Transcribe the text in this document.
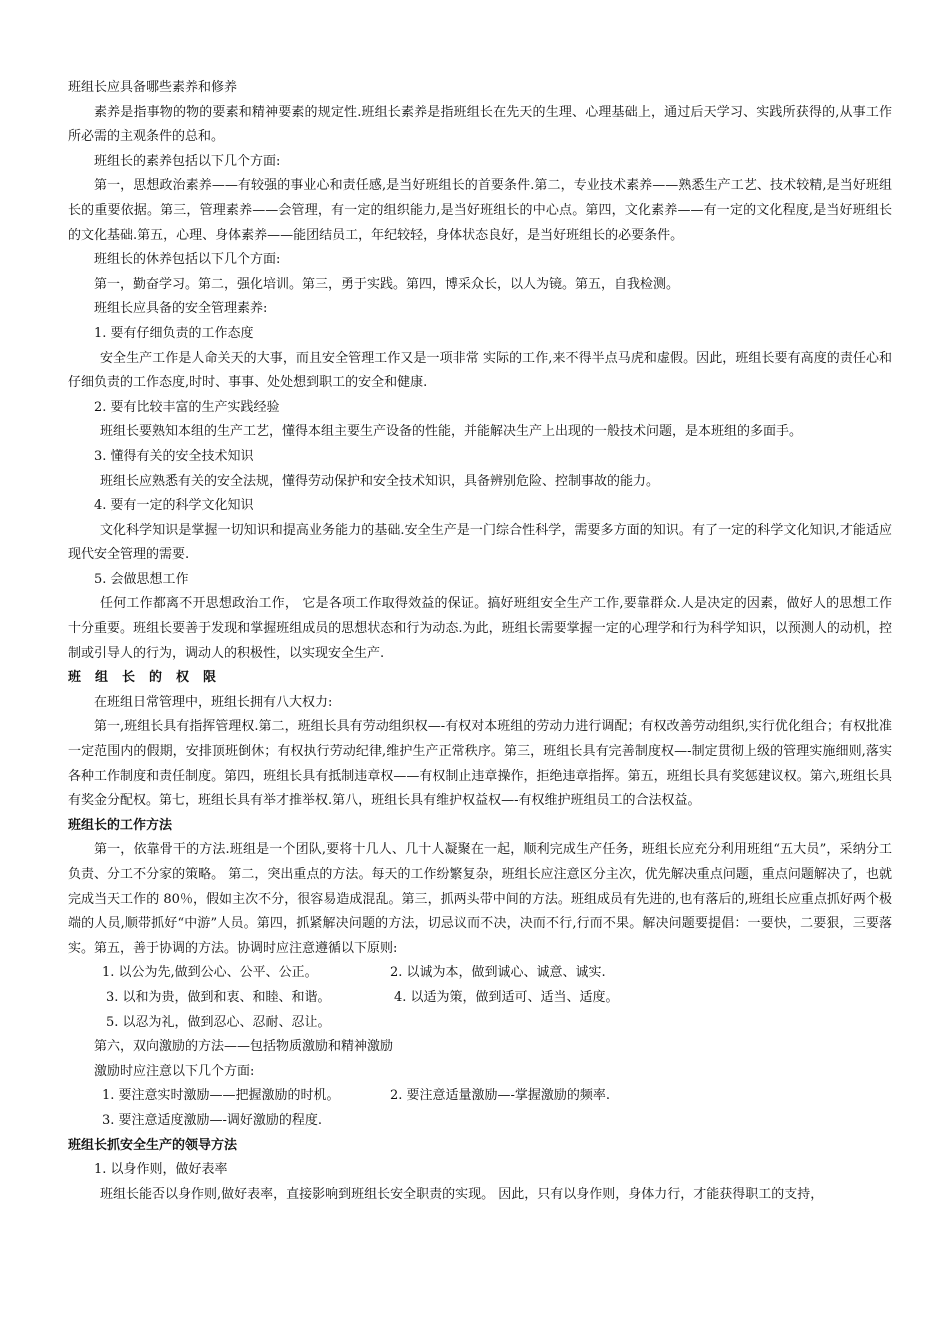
班组长应具备哪些素养和修养

素养是指事物的物的要素和精神要素的规定性.班组长素养是指班组长在先天的生理、心理基础上，通过后天学习、实践所获得的,从事工作所必需的主观条件的总和。

班组长的素养包括以下几个方面:

第一，思想政治素养——有较强的事业心和责任感,是当好班组长的首要条件.第二，专业技术素养——熟悉生产工艺、技术较精,是当好班组长的重要依据。第三，管理素养——会管理，有一定的组织能力,是当好班组长的中心点。第四，文化素养——有一定的文化程度,是当好班组长的文化基础.第五，心理、身体素养——能团结员工，年纪较轻，身体状态良好，是当好班组长的必要条件。

班组长的休养包括以下几个方面:

第一，勤奋学习。第二，强化培训。第三，勇于实践。第四，博采众长，以人为镜。第五，自我检测。

班组长应具备的安全管理素养:

1. 要有仔细负责的工作态度

安全生产工作是人命关天的大事，而且安全管理工作又是一项非常 实际的工作,来不得半点马虎和虚假。因此，班组长要有高度的责任心和仔细负责的工作态度,时时、事事、处处想到职工的安全和健康.

2. 要有比较丰富的生产实践经验

班组长要熟知本组的生产工艺，懂得本组主要生产设备的性能，并能解决生产上出现的一般技术问题，是本班组的多面手。

3. 懂得有关的安全技术知识

班组长应熟悉有关的安全法规，懂得劳动保护和安全技术知识，具备辨别危险、控制事故的能力。

4. 要有一定的科学文化知识

文化科学知识是掌握一切知识和提高业务能力的基础.安全生产是一门综合性科学，需要多方面的知识。有了一定的科学文化知识,才能适应现代安全管理的需要.

5. 会做思想工作

任何工作都离不开思想政治工作， 它是各项工作取得效益的保证。搞好班组安全生产工作,要靠群众.人是决定的因素，做好人的思想工作十分重要。班组长要善于发现和掌握班组成员的思想状态和行为动态.为此，班组长需要掌握一定的心理学和行为科学知识，以预测人的动机，控制或引导人的行为，调动人的积极性，以实现安全生产.

班组长的权限

在班组日常管理中，班组长拥有八大权力:

第一,班组长具有指挥管理权.第二，班组长具有劳动组织权—-有权对本班组的劳动力进行调配；有权改善劳动组织,实行优化组合；有权批准一定范围内的假期，安排顶班倒休；有权执行劳动纪律,维护生产正常秩序。第三，班组长具有完善制度权—-制定贯彻上级的管理实施细则,落实各种工作制度和责任制度。第四，班组长具有抵制违章权——有权制止违章操作，拒绝违章指挥。第五，班组长具有奖惩建议权。第六,班组长具有奖金分配权。第七，班组长具有举才推举权.第八，班组长具有维护权益权—-有权维护班组员工的合法权益。

班组长的工作方法

第一，依靠骨干的方法.班组是一个团队,要将十几人、几十人凝聚在一起，顺利完成生产任务，班组长应充分利用班组“五大员”，采纳分工负责、分工不分家的策略。 第二，突出重点的方法。每天的工作纷繁复杂，班组长应注意区分主次，优先解决重点问题，重点问题解决了，也就完成当天工作的 80％，假如主次不分，很容易造成混乱。第三，抓两头带中间的方法。班组成员有先进的,也有落后的,班组长应重点抓好两个极端的人员,顺带抓好“中游”人员。第四，抓紧解决问题的方法，切忌议而不决，决而不行,行而不果。解决问题要提倡：一要快，二要狠，三要落实。第五，善于协调的方法。协调时应注意遵循以下原则:

1. 以公为先,做到公心、公平、公正。	2. 以诚为本，做到诚心、诚意、诚实.

3. 以和为贵，做到和衷、和睦、和谐。	4. 以适为策，做到适可、适当、适度。

5. 以忍为礼，做到忍心、忍耐、忍让。

第六，双向激励的方法——包括物质激励和精神激励

激励时应注意以下几个方面:

1. 要注意实时激励——把握激励的时机。	2. 要注意适量激励—-掌握激励的频率.

3. 要注意适度激励—-调好激励的程度.

班组长抓安全生产的领导方法

1. 以身作则，做好表率

班组长能否以身作则,做好表率，直接影响到班组长安全职责的实现。 因此，只有以身作则，身体力行，才能获得职工的支持，
